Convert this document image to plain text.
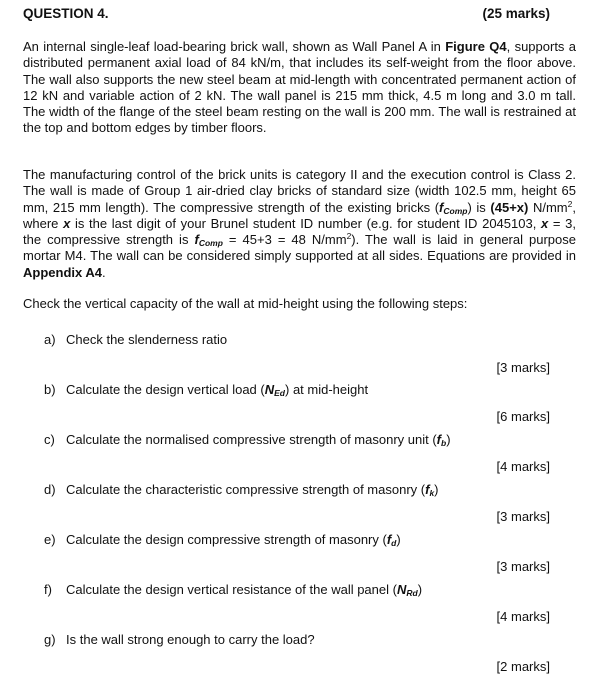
QUESTION 4.	(25 marks)

An internal single-leaf load-bearing brick wall, shown as Wall Panel A in Figure Q4, supports a distributed permanent axial load of 84 kN/m, that includes its self-weight from the floor above. The wall also supports the new steel beam at mid-length with concentrated permanent action of 12 kN and variable action of 2 kN. The wall panel is 215 mm thick, 4.5 m long and 3.0 m tall. The width of the flange of the steel beam resting on the wall is 200 mm. The wall is restrained at the top and bottom edges by timber floors.

The manufacturing control of the brick units is category II and the execution control is Class 2. The wall is made of Group 1 air-dried clay bricks of standard size (width 102.5 mm, height 65 mm, 215 mm length). The compressive strength of the existing bricks $(f_{Comp})$ is (45+x) $N/mm^2$, where x is the last digit of your Brunel student ID number (e.g. for student ID 2045103, x = 3, the compressive strength is $f_{Comp} = 45+3 = 48$ $N/mm^2$). The wall is laid in general purpose mortar M4. The wall can be considered simply supported at all sides. Equations are provided in Appendix A4.

Check the vertical capacity of the wall at mid-height using the following steps:

a) Check the slenderness ratio
[3 marks]
b) Calculate the design vertical load $(N_{Ed})$ at mid-height
[6 marks]
c) Calculate the normalised compressive strength of masonry unit $(f_b)$
[4 marks]
d) Calculate the characteristic compressive strength of masonry $(f_k)$
[3 marks]
e) Calculate the design compressive strength of masonry $(f_d)$
[3 marks]
f) Calculate the design vertical resistance of the wall panel $(N_{Rd})$
[4 marks]
g) Is the wall strong enough to carry the load?
[2 marks]
